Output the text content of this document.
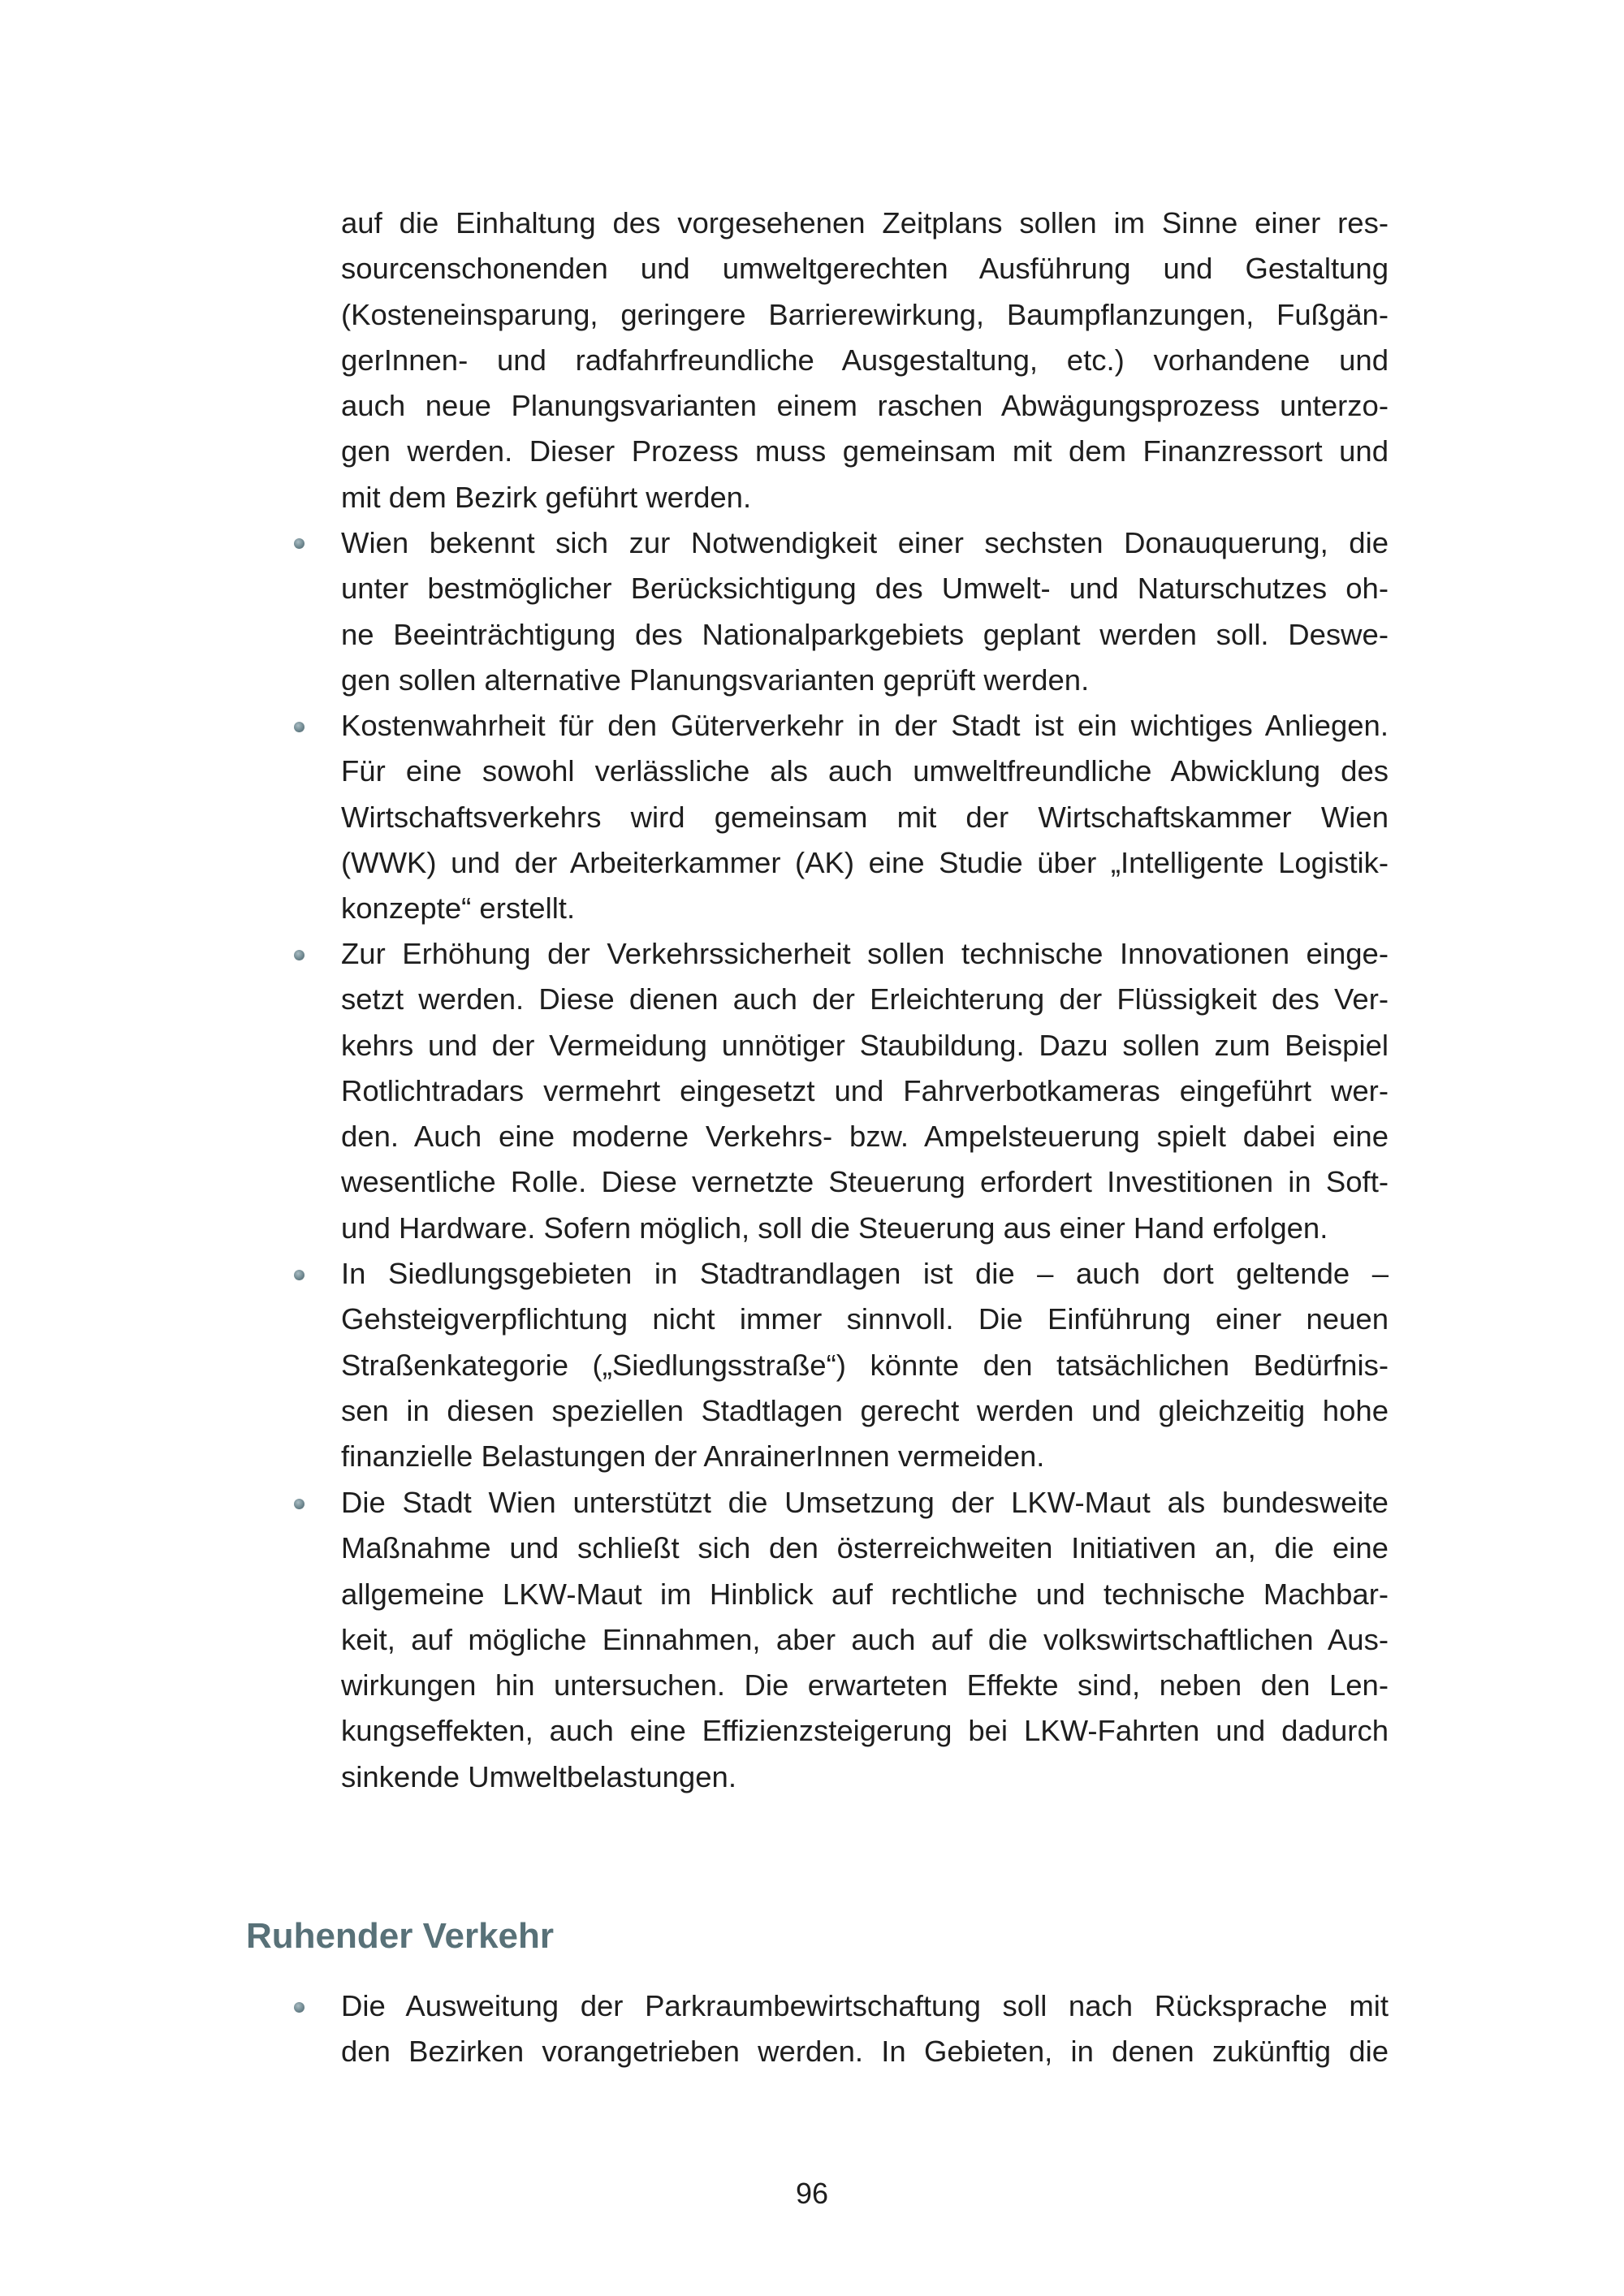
auf die Einhaltung des vorgesehenen Zeitplans sollen im Sinne einer res-
sourcenschonenden und umweltgerechten Ausführung und Gestaltung
(Kosteneinsparung, geringere Barrierewirkung, Baumpflanzungen, Fußgän-
gerInnen- und radfahrfreundliche Ausgestaltung, etc.) vorhandene und
auch neue Planungsvarianten einem raschen Abwägungsprozess unterzo-
gen werden. Dieser Prozess muss gemeinsam mit dem Finanzressort und
mit dem Bezirk geführt werden.
Wien bekennt sich zur Notwendigkeit einer sechsten Donauquerung, die
unter bestmöglicher Berücksichtigung des Umwelt- und Naturschutzes oh-
ne Beeinträchtigung des Nationalparkgebiets geplant werden soll. Deswe-
gen sollen alternative Planungsvarianten geprüft werden.
Kostenwahrheit für den Güterverkehr in der Stadt ist ein wichtiges Anliegen.
Für eine sowohl verlässliche als auch umweltfreundliche Abwicklung des
Wirtschaftsverkehrs wird gemeinsam mit der Wirtschaftskammer Wien
(WWK) und der Arbeiterkammer (AK) eine Studie über „Intelligente Logistik-
konzepte“ erstellt.
Zur Erhöhung der Verkehrssicherheit sollen technische Innovationen einge-
setzt werden. Diese dienen auch der Erleichterung der Flüssigkeit des Ver-
kehrs und der Vermeidung unnötiger Staubildung. Dazu sollen zum Beispiel
Rotlichtradars vermehrt eingesetzt und Fahrverbotkameras eingeführt wer-
den. Auch eine moderne Verkehrs- bzw. Ampelsteuerung spielt dabei eine
wesentliche Rolle. Diese vernetzte Steuerung erfordert Investitionen in Soft-
und Hardware. Sofern möglich, soll die Steuerung aus einer Hand erfolgen.
In Siedlungsgebieten in Stadtrandlagen ist die – auch dort geltende –
Gehsteigverpflichtung nicht immer sinnvoll. Die Einführung einer neuen
Straßenkategorie („Siedlungsstraße“) könnte den tatsächlichen Bedürfnis-
sen in diesen speziellen Stadtlagen gerecht werden und gleichzeitig hohe
finanzielle Belastungen der AnrainerInnen vermeiden.
Die Stadt Wien unterstützt die Umsetzung der LKW-Maut als bundesweite
Maßnahme und schließt sich den österreichweiten Initiativen an, die eine
allgemeine LKW-Maut im Hinblick auf rechtliche und technische Machbar-
keit, auf mögliche Einnahmen, aber auch auf die volkswirtschaftlichen Aus-
wirkungen hin untersuchen. Die erwarteten Effekte sind, neben den Len-
kungseffekten, auch eine Effizienzsteigerung bei LKW-Fahrten und dadurch
sinkende Umweltbelastungen.
Ruhender Verkehr
Die Ausweitung der Parkraumbewirtschaftung soll nach Rücksprache mit
den Bezirken vorangetrieben werden. In Gebieten, in denen zukünftig die
96
